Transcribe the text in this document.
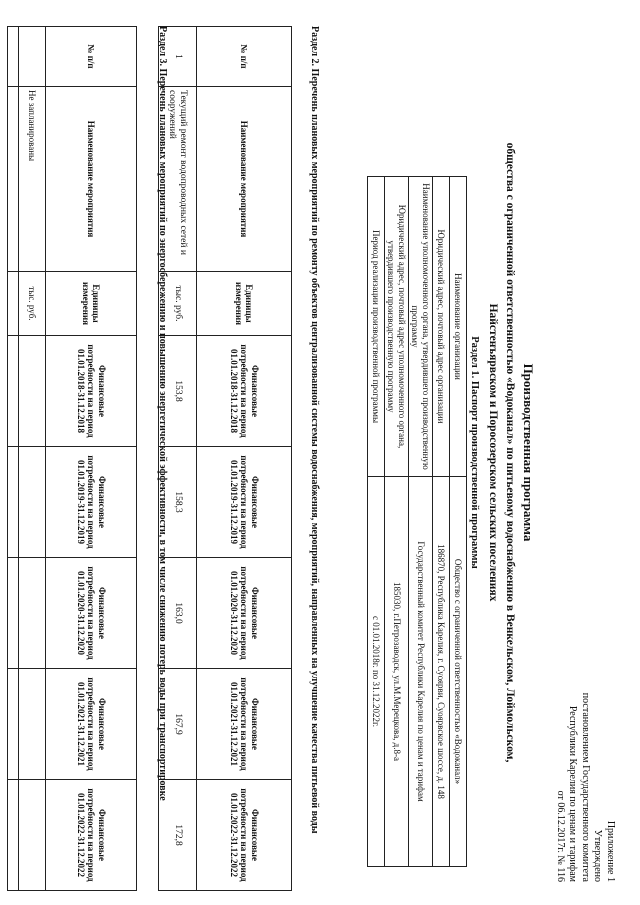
Приложение 1
Утверждено
постановлением Государственного комитета
Республики Карелия по ценам и тарифам
от 06.12.2017г. № 116
Производственная программа
общества с ограниченной ответственностью «Водоканал» по питьевому водоснабжению в Венкельском, Лоймольском,
Найстенъярвском и Поросозерском сельских поселениях
Раздел 1. Паспорт производственной программы
Наименование организации	Общество с ограниченной ответственностью «Водоканал»
Юридический адрес, почтовый адрес организации	186870, Республика Карелия, г. Суоярви, Суоярвское шоссе, д. 148
Наименование уполномоченного органа, утвердившего производственную программу	Государственный комитет Республики Карелия по ценам и тарифам
Юридический адрес, почтовый адрес уполномоченного органа, утвердившего производственную программу	185030, г.Петрозаводск, ул.М.Мерецкова, д.8-а
Период реализации производственной программы	с 01.01.2018г. по 31.12.2022г.
Раздел 2. Перечень плановых мероприятий по ремонту объектов централизованной системы водоснабжения, мероприятий, направленных на улучшение качества питьевой воды
№ п/п	Наименование мероприятия	Единицы измерения	Финансовые потребности на период 01.01.2018-31.12.2018	Финансовые потребности на период 01.01.2019-31.12.2019	Финансовые потребности на период 01.01.2020-31.12.2020	Финансовые потребности на период 01.01.2021-31.12.2021	Финансовые потребности на период 01.01.2022-31.12.2022
1	Текущий ремонт водопроводных сетей и сооружений	тыс. руб.	153,8	158,3	163,0	167,9	172,8
Раздел 3. Перечень плановых мероприятий по энергосбережению и повышению энергетической эффективности, в том числе снижению потерь воды при транспортировке
№ п/п	Наименование мероприятия	Единицы измерения	Финансовые потребности на период 01.01.2018-31.12.2018	Финансовые потребности на период 01.01.2019-31.12.2019	Финансовые потребности на период 01.01.2020-31.12.2020	Финансовые потребности на период 01.01.2021-31.12.2021	Финансовые потребности на период 01.01.2022-31.12.2022
	Не запланированы	тыс. руб.					
